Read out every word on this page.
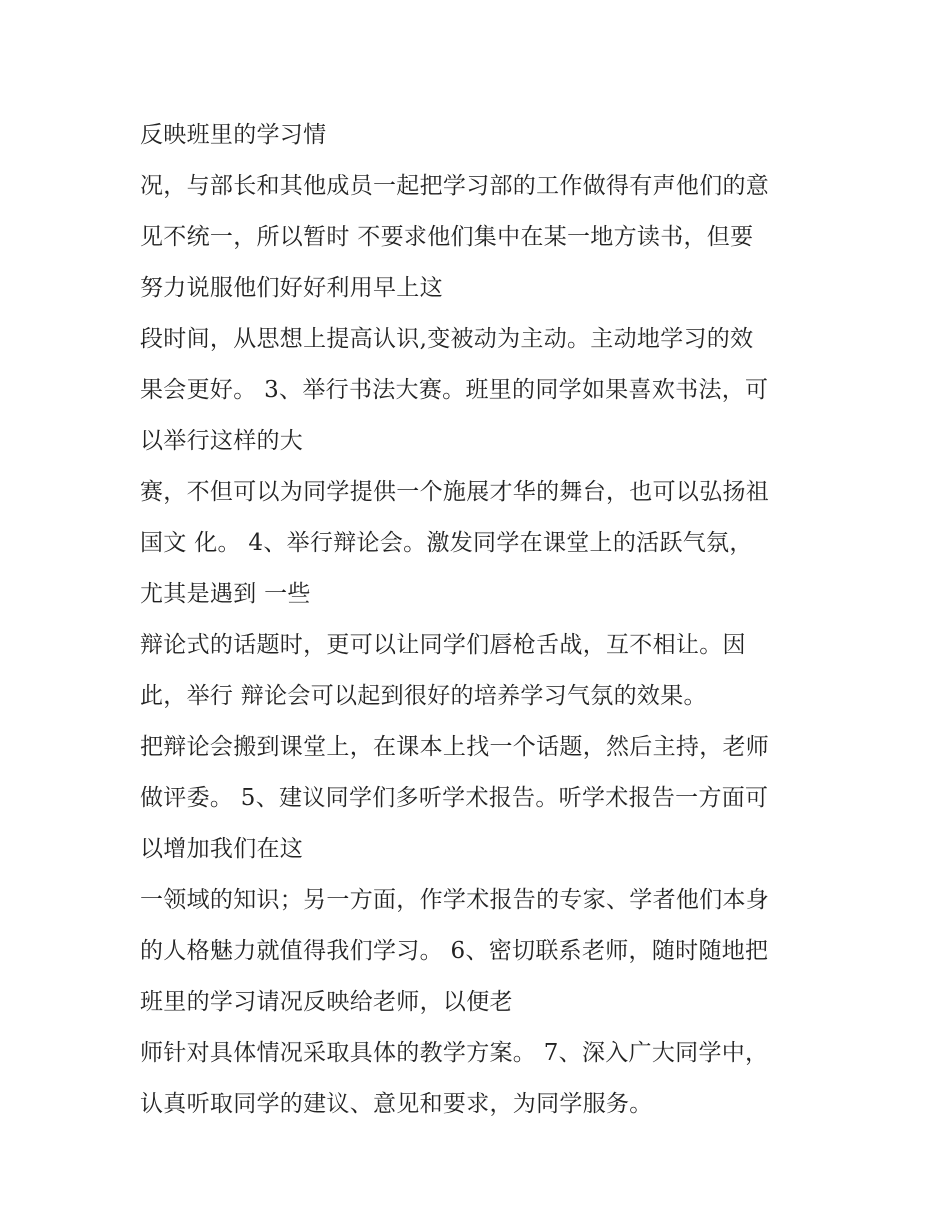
反映班里的学习情
况，与部长和其他成员一起把学习部的工作做得有声他们的意
见不统一，所以暂时 不要求他们集中在某一地方读书，但要
努力说服他们好好利用早上这
段时间，从思想上提高认识,变被动为主动。主动地学习的效
果会更好。 3、举行书法大赛。班里的同学如果喜欢书法，可
以举行这样的大
赛，不但可以为同学提供一个施展才华的舞台，也可以弘扬祖
国文 化。 4、举行辩论会。激发同学在课堂上的活跃气氛，
尤其是遇到 一些
辩论式的话题时，更可以让同学们唇枪舌战，互不相让。因
此，举行 辩论会可以起到很好的培养学习气氛的效果。
把辩论会搬到课堂上，在课本上找一个话题，然后主持，老师
做评委。 5、建议同学们多听学术报告。听学术报告一方面可
以增加我们在这
一领域的知识；另一方面，作学术报告的专家、学者他们本身
的人格魅力就值得我们学习。 6、密切联系老师，随时随地把
班里的学习请况反映给老师，以便老
师针对具体情况采取具体的教学方案。 7、深入广大同学中，
认真听取同学的建议、意见和要求，为同学服务。
